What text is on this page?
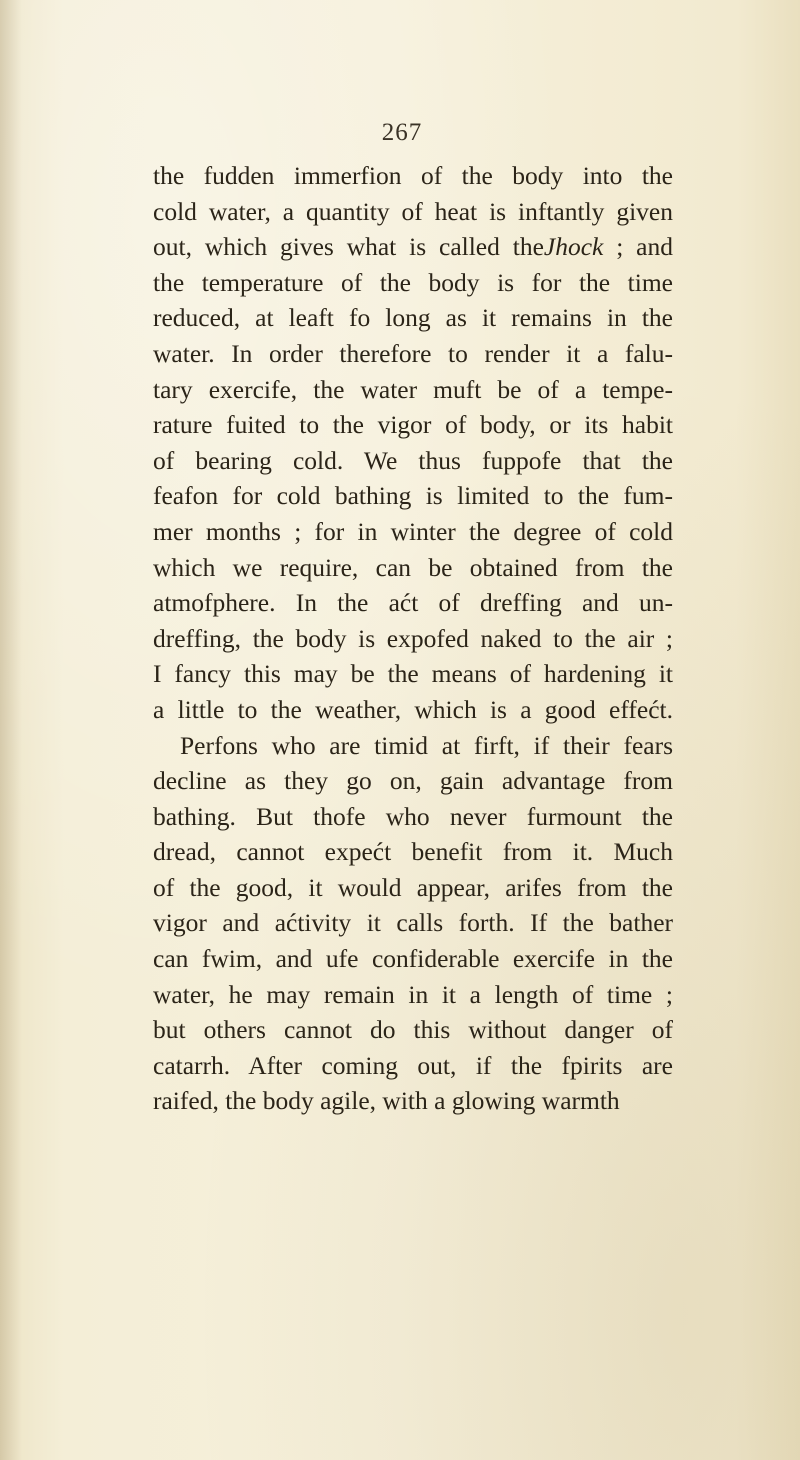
267
the fudden immerfion of the body into the
cold water, a quantity of heat is inftantly given
out, which gives what is called theJhock ; and
the temperature of the body is for the time
reduced, at leaft fo long as it remains in the
water. In order therefore to render it a falu-
tary exercife, the water muft be of a tempe-
rature fuited to the vigor of body, or its habit
of bearing cold. We thus fuppofe that the
feafon for cold bathing is limited to the fum-
mer months ; for in winter the degree of cold
which we require, can be obtained from the
atmofphere. In the aćt of dreffing and un-
dreffing, the body is expofed naked to the air ;
I fancy this may be the means of hardening it
a little to the weather, which is a good effećt.
Perfons who are timid at firft, if their fears
decline as they go on, gain advantage from
bathing. But thofe who never furmount the
dread, cannot expećt benefit from it. Much
of the good, it would appear, arifes from the
vigor and aćtivity it calls forth. If the bather
can fwim, and ufe confiderable exercife in the
water, he may remain in it a length of time ;
but others cannot do this without danger of
catarrh. After coming out, if the fpirits are
raifed, the body agile, with a glowing warmth
